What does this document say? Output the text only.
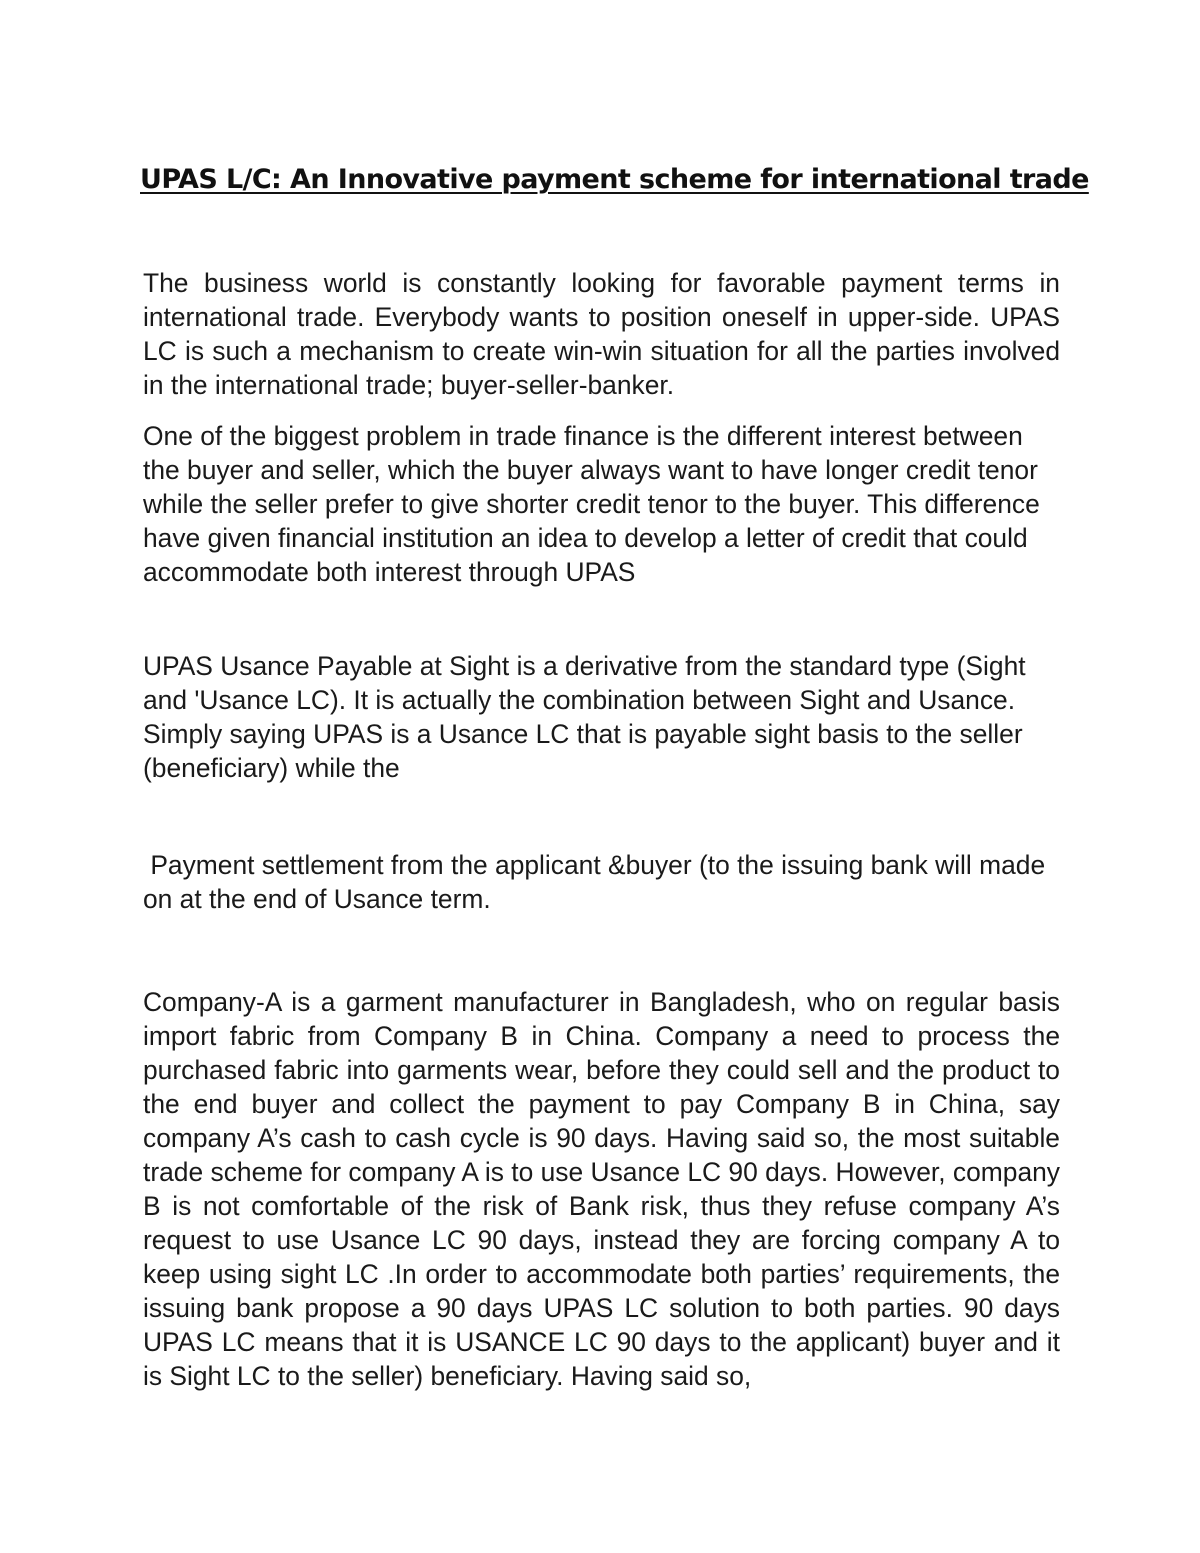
UPAS L/C: An Innovative payment scheme for international trade

The business world is constantly looking for favorable payment terms in international trade. Everybody wants to position oneself in upper-side. UPAS LC is such a mechanism to create win-win situation for all the parties involved in the international trade; buyer-seller-banker.

One of the biggest problem in trade finance is the different interest between the buyer and seller, which the buyer always want to have longer credit tenor while the seller prefer to give shorter credit tenor to the buyer. This difference have given financial institution an idea to develop a letter of credit that could accommodate both interest through UPAS

UPAS Usance Payable at Sight is a derivative from the standard type (Sight and 'Usance LC). It is actually the combination between Sight and Usance. Simply saying UPAS is a Usance LC that is payable sight basis to the seller (beneficiary) while the

Payment settlement from the applicant &buyer (to the issuing bank will made on at the end of Usance term.

Company-A is a garment manufacturer in Bangladesh, who on regular basis import fabric from Company B in China. Company a need to process the purchased fabric into garments wear, before they could sell and the product to the end buyer and collect the payment to pay Company B in China, say company A’s cash to cash cycle is 90 days. Having said so, the most suitable trade scheme for company A is to use Usance LC 90 days. However, company B is not comfortable of the risk of Bank risk, thus they refuse company A’s request to use Usance LC 90 days, instead they are forcing company A to keep using sight LC .In order to accommodate both parties’ requirements, the issuing bank propose a 90 days UPAS LC solution to both parties. 90 days UPAS LC means that it is USANCE LC 90 days to the applicant) buyer and it is Sight LC to the seller) beneficiary. Having said so,
